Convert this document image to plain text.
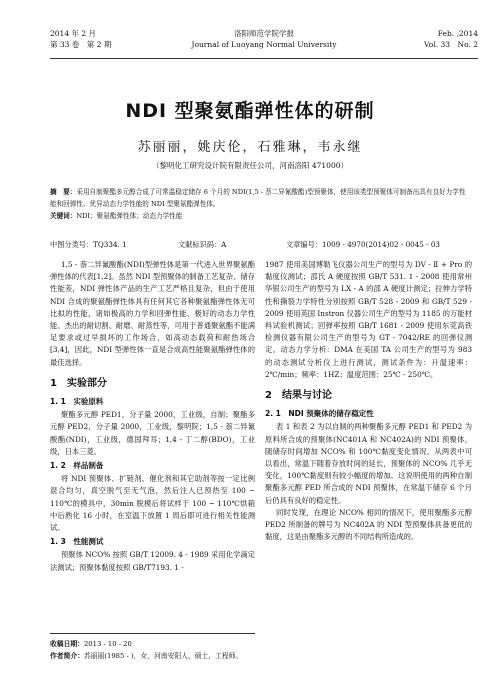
2014 年 2 月
第 33 卷　第 2 期
洛阳师范学院学报
Journal of Luoyang Normal University
Feb. ,2014
Vol. 33　No. 2
NDI 型聚氨酯弹性体的研制
苏丽丽，姚庆伦，石雅琳，韦永继
（黎明化工研究设计院有限责任公司，河南洛阳 471000）
摘　要：采用自制聚酯多元醇合成了可常温稳定储存 6 个月的 NDI(1,5 - 萘二异氰酸酯)型预聚体，使用该类型预聚体可制备出具有良好力学性能和回弹性、优异动态力学性能的 NDI 型聚氨酯弹性体。
关键词：NDI；聚氨酯弹性体；动态力学性能
中图分类号：TQ334. 1	文献标识码：A	文章编号：1009 - 4970(2014)02 - 0045 - 03

1,5 - 萘二异氰酸酯(NDI)型弹性体是第一代进入世界聚氨酯弹性体的代表[1,2]。虽然 NDI 型预聚体的制备工艺复杂、储存性能差，NDI 弹性体产品的生产工艺严格且复杂，但由于使用 NDI 合成的聚氨酯弹性体具有任何其它各种聚氨酯弹性体无可比拟的性能，诸如极高的力学和回弹性能、极好的动态力学性能、杰出的耐切割、耐磨、耐蒸性等，可用于普通聚氨酯不能满足要求或过早损坏的工作场合，如高动态载荷和耐热场合[3,4]，因此，NDI 型弹性体一直是合成高性能聚氨酯弹性体的最佳选择。

1　实验部分
1. 1　实验原料

聚酯多元醇 PED1，分子量 2000，工业级，自制；聚酯多元醇 PED2，分子量 2000，工业级，黎明院；1,5 - 萘二异氰酸酯(NDI)，工业级，德国拜耳；1,4 - 丁二醇(BDO)，工业级，日本三菱。

1. 2　样品制备

将 NDI 预聚体、扩链剂、催化剂和其它助剂等按一定比例混合均匀，真空脱气至无气泡，然后注入已预热至 100 ~ 110℃的模具中，30min 脱模后将试样于 100 ~ 110℃烘箱中后熟化 16 小时，在室温下放置 1 周后即可进行相关性能测试。

1. 3　性能测试

预聚体 NCO% 按照 GB/T 12009. 4 - 1989 采用化学滴定法测试；预聚体黏度按照 GB/T7193. 1 -

1987 使用美国博勒飞仪器公司生产的型号为 DV - Ⅱ + Pro 的黏度仪测试；邵氏 A 硬度按照 GB/T 531. 1 - 2008 使用常州华银公司生产的型号为 LX - A 的邵 A 硬度计测定；拉伸力学特性和撕裂力学特性分别按照 GB/T 528 - 2009 和 GB/T 529 - 2009 使用英国 Instron 仪器公司生产的型号为 1185 的万能材料试验机测试；回弹率按照 GB/T 1681 - 2009 使用东莞高铁检测仪器有限公司生产的型号为 GT - 7042/RE 的回弹仪测定。动态力学分析：DMA 在美国 TA 公司生产的型号为 983 的动态测试分析仪上进行测试，测试条件为：升温速率：2℃/min；频率：1HZ；温度范围：25℃ - 250℃。

2　结果与讨论
2. 1　NDI 预聚体的储存稳定性

表 1 和表 2 为以自制的两种聚酯多元醇 PED1 和 PED2 为原料所合成的预聚体(NC401A 和 NC402A)的 NDI 预聚体，随储存时间增加 NCO% 和 100℃黏度变化情况。从两表中可以看出，常温下随着存放时间的延长，预聚体的 NCO% 几乎无变化，100℃黏度则有较小幅度的增加。这说明使用的两种自制聚酯多元醇 PED 所合成的 NDI 预聚体，在常温下储存 6 个月后仍具有良好的稳定性。

同时发现，在理论 NCO% 相同的情况下，使用聚酯多元醇 PED2 所制备的牌号为 NC402A 的 NDI 型预聚体具备更低的黏度，这是由聚酯多元醇的不同结构所造成的。

收稿日期：2013 - 10 - 20
作者简介：苏丽丽(1985 - )，女，河南安阳人，硕士，工程师。
